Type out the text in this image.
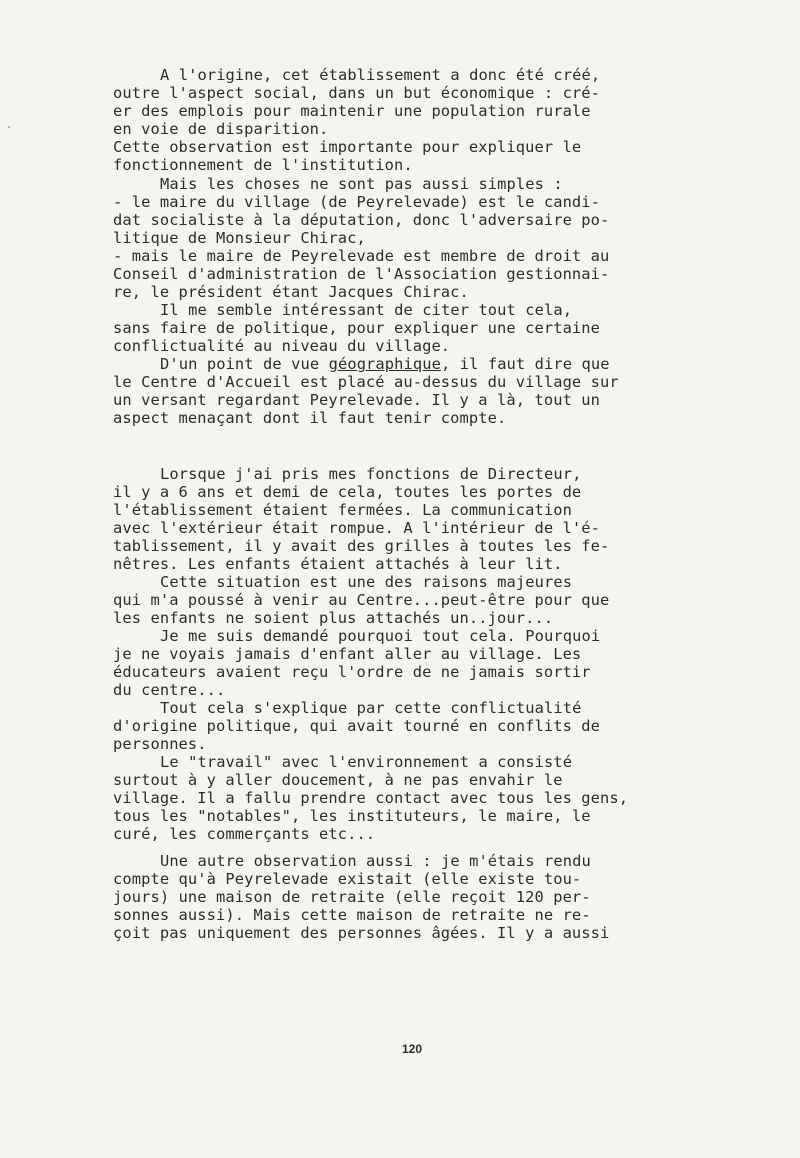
A l'origine, cet établissement a donc été créé,
outre l'aspect social, dans un but économique : cré-
er des emplois pour maintenir une population rurale
en voie de disparition.
Cette observation est importante pour expliquer le
fonctionnement de l'institution.
Mais les choses ne sont pas aussi simples :
- le maire du village (de Peyrelevade) est le candi-
dat socialiste à la députation, donc l'adversaire po-
litique de Monsieur Chirac,
- mais le maire de Peyrelevade est membre de droit au
Conseil d'administration de l'Association gestionnai-
re, le président étant Jacques Chirac.
Il me semble intéressant de citer tout cela,
sans faire de politique, pour expliquer une certaine
conflictualité au niveau du village.
D'un point de vue géographique, il faut dire que
le Centre d'Accueil est placé au-dessus du village sur
un versant regardant Peyrelevade. Il y a là, tout un
aspect menaçant dont il faut tenir compte.
Lorsque j'ai pris mes fonctions de Directeur,
il y a 6 ans et demi de cela, toutes les portes de
l'établissement étaient fermées. La communication
avec l'extérieur était rompue. A l'intérieur de l'é-
tablissement, il y avait des grilles à toutes les fe-
nêtres. Les enfants étaient attachés à leur lit.
Cette situation est une des raisons majeures
qui m'a poussé à venir au Centre...peut-être pour que
les enfants ne soient plus attachés un..jour...
Je me suis demandé pourquoi tout cela. Pourquoi
je ne voyais jamais d'enfant aller au village. Les
éducateurs avaient reçu l'ordre de ne jamais sortir
du centre...
Tout cela s'explique par cette conflictualité
d'origine politique, qui avait tourné en conflits de
personnes.
Le "travail" avec l'environnement a consisté
surtout à y aller doucement, à ne pas envahir le
village. Il a fallu prendre contact avec tous les gens,
tous les "notables", les instituteurs, le maire, le
curé, les commerçants etc...
Une autre observation aussi : je m'étais rendu
compte qu'à Peyrelevade existait (elle existe tou-
jours) une maison de retraite (elle reçoit 120 per-
sonnes aussi). Mais cette maison de retraite ne re-
çoit pas uniquement des personnes âgées. Il y a aussi
120
